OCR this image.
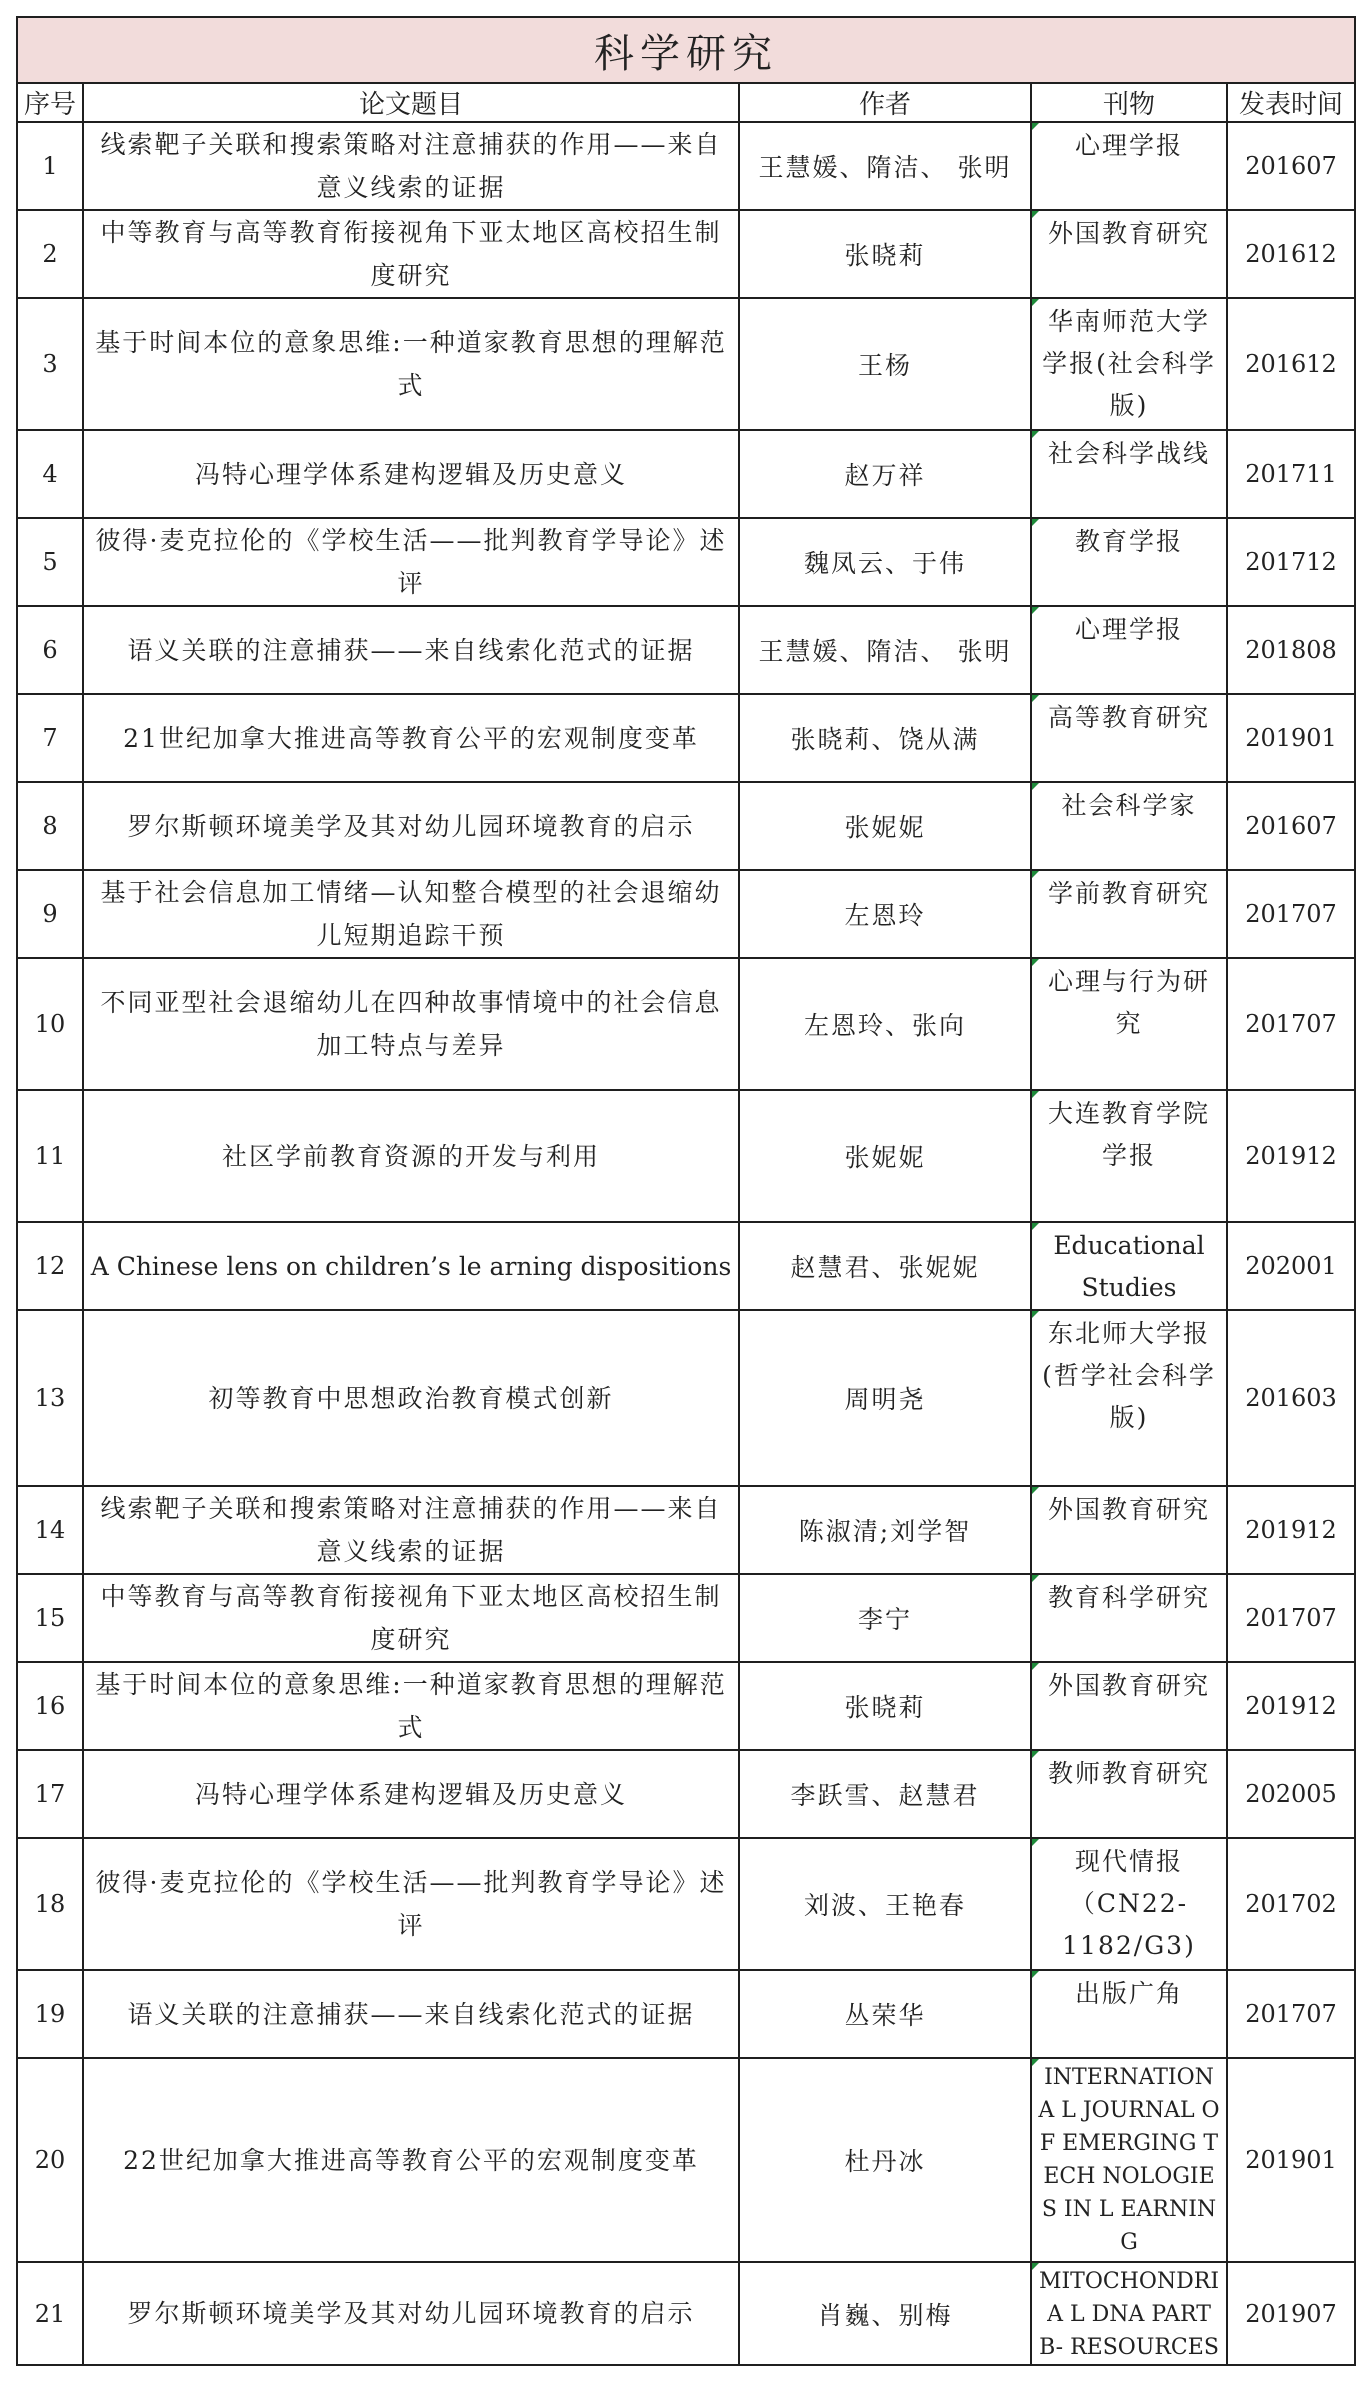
科学研究				
序号	论文题目	作者	刊物	发表时间
1	线索靶子关联和搜索策略对注意捕获的作用——来自意义线索的证据	王慧媛、隋洁、 张明	心理学报	201607
2	中等教育与高等教育衔接视角下亚太地区高校招生制度研究	张晓莉	外国教育研究	201612
3	基于时间本位的意象思维:一种道家教育思想的理解范式	王杨	华南师范大学学报(社会科学版)	201612
4	冯特心理学体系建构逻辑及历史意义	赵万祥	社会科学战线	201711
5	彼得·麦克拉伦的《学校生活——批判教育学导论》述评	魏凤云、于伟	教育学报	201712
6	语义关联的注意捕获——来自线索化范式的证据	王慧媛、隋洁、 张明	心理学报	201808
7	21世纪加拿大推进高等教育公平的宏观制度变革	张晓莉、饶从满	高等教育研究	201901
8	罗尔斯顿环境美学及其对幼儿园环境教育的启示	张妮妮	社会科学家	201607
9	基于社会信息加工情绪—认知整合模型的社会退缩幼儿短期追踪干预	左恩玲	学前教育研究	201707
10	不同亚型社会退缩幼儿在四种故事情境中的社会信息加工特点与差异	左恩玲、张向	心理与行为研究	201707
11	社区学前教育资源的开发与利用	张妮妮	大连教育学院学报	201912
12	A Chinese lens on children’s le arning dispositions	赵慧君、张妮妮	Educational Studies	202001
13	初等教育中思想政治教育模式创新	周明尧	东北师大学报(哲学社会科学版)	201603
14	线索靶子关联和搜索策略对注意捕获的作用——来自意义线索的证据	陈淑清;刘学智	外国教育研究	201912
15	中等教育与高等教育衔接视角下亚太地区高校招生制度研究	李宁	教育科学研究	201707
16	基于时间本位的意象思维:一种道家教育思想的理解范式	张晓莉	外国教育研究	201912
17	冯特心理学体系建构逻辑及历史意义	李跃雪、赵慧君	教师教育研究	202005
18	彼得·麦克拉伦的《学校生活——批判教育学导论》述评	刘波、王艳春	现代情报（CN22-1182/G3)	201702
19	语义关联的注意捕获——来自线索化范式的证据	丛荣华	出版广角	201707
20	22世纪加拿大推进高等教育公平的宏观制度变革	杜丹冰	INTERNATIONA L JOURNAL OF EMERGING TECH NOLOGIES IN L EARNING	201901
21	罗尔斯顿环境美学及其对幼儿园环境教育的启示	肖巍、别梅	MITOCHONDRIA L DNA PART B- RESOURCES	201907
